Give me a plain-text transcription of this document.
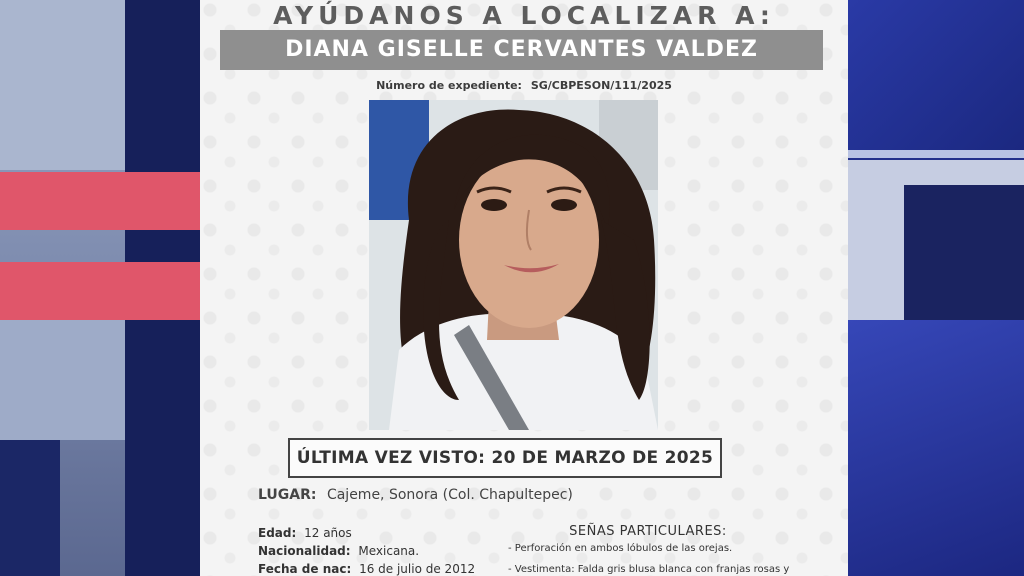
AYÚDANOS A LOCALIZAR A:
DIANA GISELLE CERVANTES VALDEZ
Número de expediente: SG/CBPESON/111/2025
ÚLTIMA VEZ VISTO: 20 DE MARZO DE 2025
LUGAR: Cajeme, Sonora (Col. Chapultepec)
Edad: 12 años
Nacionalidad: Mexicana.
Fecha de nac: 16 de julio de 2012
SEÑAS PARTICULARES:
- Perforación en ambos lóbulos de las orejas.
- Vestimenta: Falda gris blusa blanca con franjas rosas y
